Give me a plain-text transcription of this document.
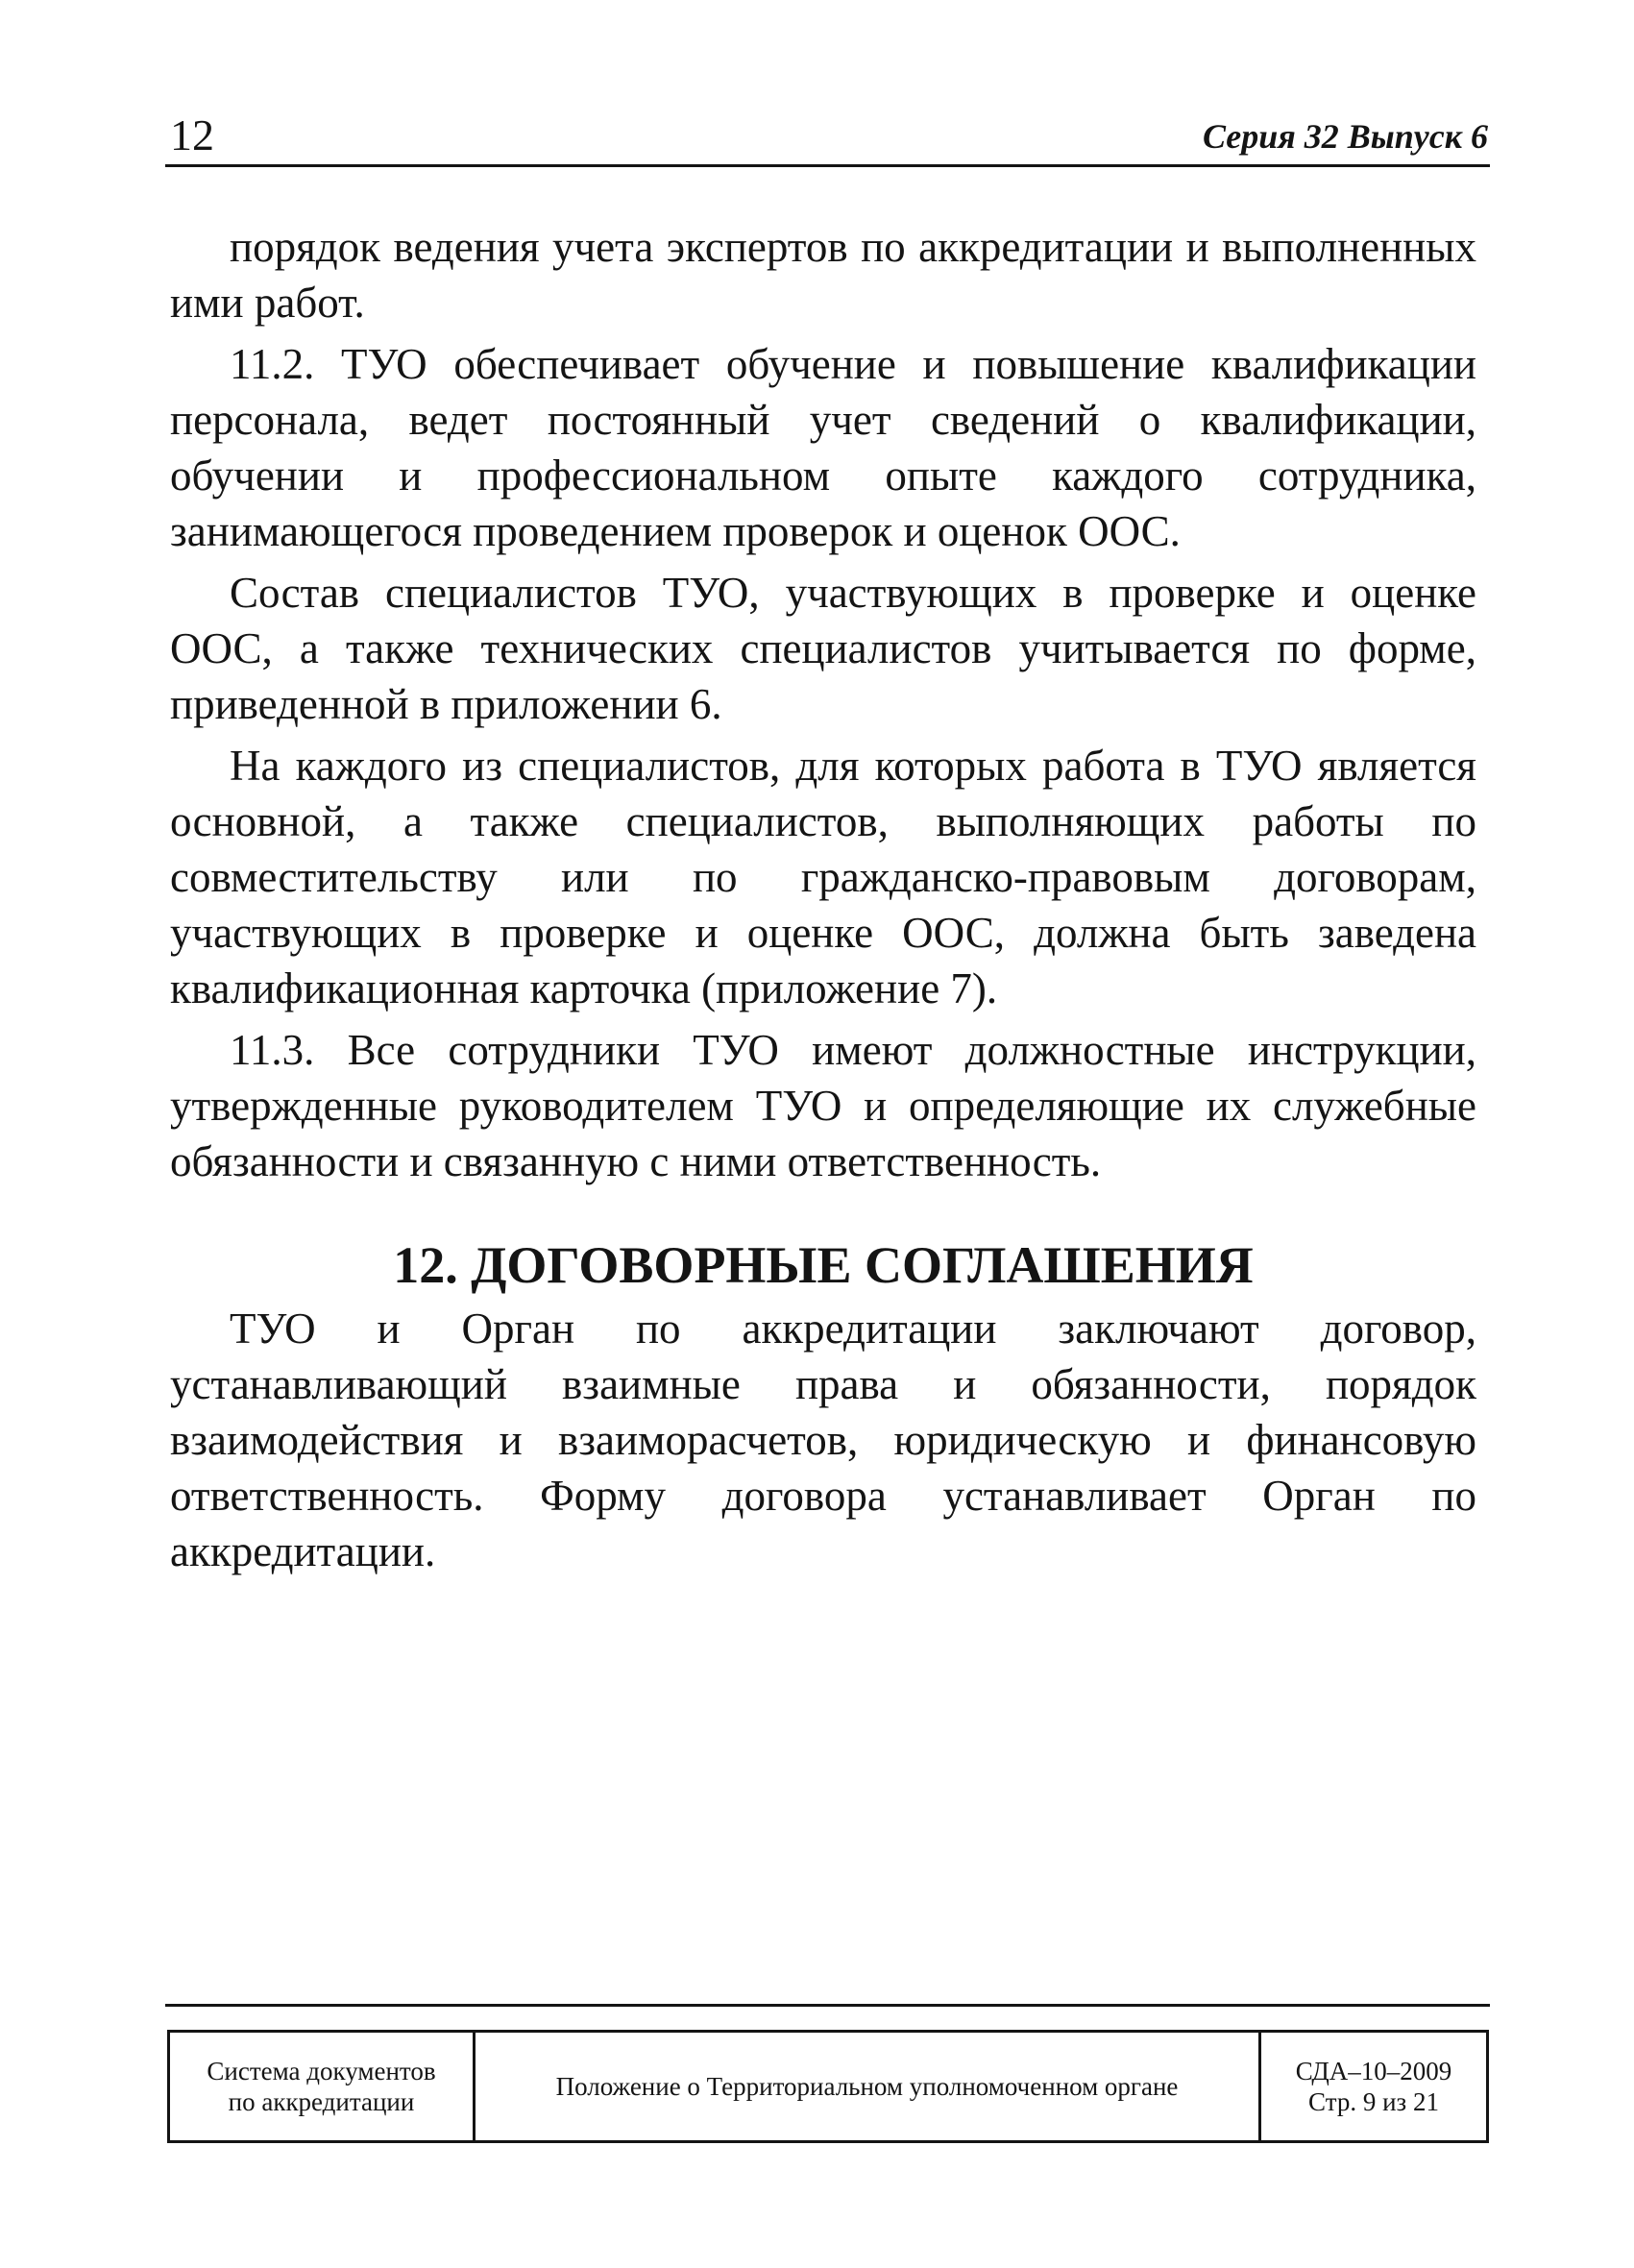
12	Серия 32 Выпуск 6

порядок ведения учета экспертов по аккредитации и выполненных ими работ.

11.2. ТУО обеспечивает обучение и повышение квалификации персонала, ведет постоянный учет сведений о квалификации, обучении и профессиональном опыте каждого сотрудника, занимающегося проведением проверок и оценок ООС.

Состав специалистов ТУО, участвующих в проверке и оценке ООС, а также технических специалистов учитывается по форме, приведенной в приложении 6.

На каждого из специалистов, для которых работа в ТУО является основной, а также специалистов, выполняющих работы по совместительству или по гражданско-правовым договорам, участвующих в проверке и оценке ООС, должна быть заведена квалификационная карточка (приложение 7).

11.3. Все сотрудники ТУО имеют должностные инструкции, утвержденные руководителем ТУО и определяющие их служебные обязанности и связанную с ними ответственность.

12. ДОГОВОРНЫЕ СОГЛАШЕНИЯ

ТУО и Орган по аккредитации заключают договор, устанавливающий взаимные права и обязанности, порядок взаимодействия и взаиморасчетов, юридическую и финансовую ответственность. Форму договора устанавливает Орган по аккредитации.

Система документов
по аккредитации
Положение о Территориальном уполномоченном органе
СДА–10–2009
Стр. 9 из 21
